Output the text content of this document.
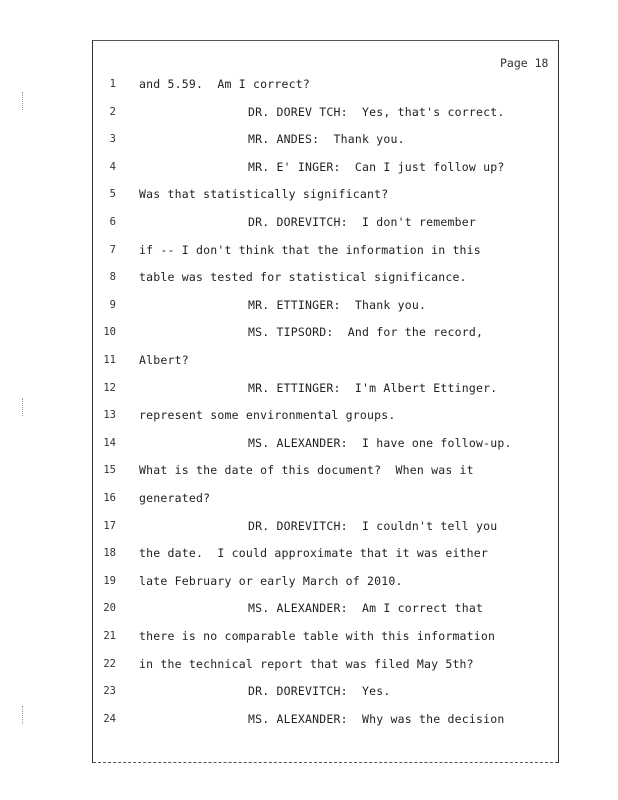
Page 18
1 and 5.59.  Am I correct?
2	DR. DOREV TCH:  Yes, that's correct.
3	MR. ANDES:  Thank you.
4	MR. E' INGER:  Can I just follow up?
5 Was that statistically significant?
6	DR. DOREVITCH:  I don't remember
7 if -- I don't think that the information in this
8 table was tested for statistical significance.
9	MR. ETTINGER:  Thank you.
10	MS. TIPSORD:  And for the record,
11 Albert?
12	MR. ETTINGER:  I'm Albert Ettinger.
13 represent some environmental groups.
14	MS. ALEXANDER:  I have one follow-up.
15 What is the date of this document?  When was it
16 generated?
17	DR. DOREVITCH:  I couldn't tell you
18 the date.  I could approximate that it was either
19 late February or early March of 2010.
20	MS. ALEXANDER:  Am I correct that
21 there is no comparable table with this information
22 in the technical report that was filed May 5th?
23	DR. DOREVITCH:  Yes.
24	MS. ALEXANDER:  Why was the decision
